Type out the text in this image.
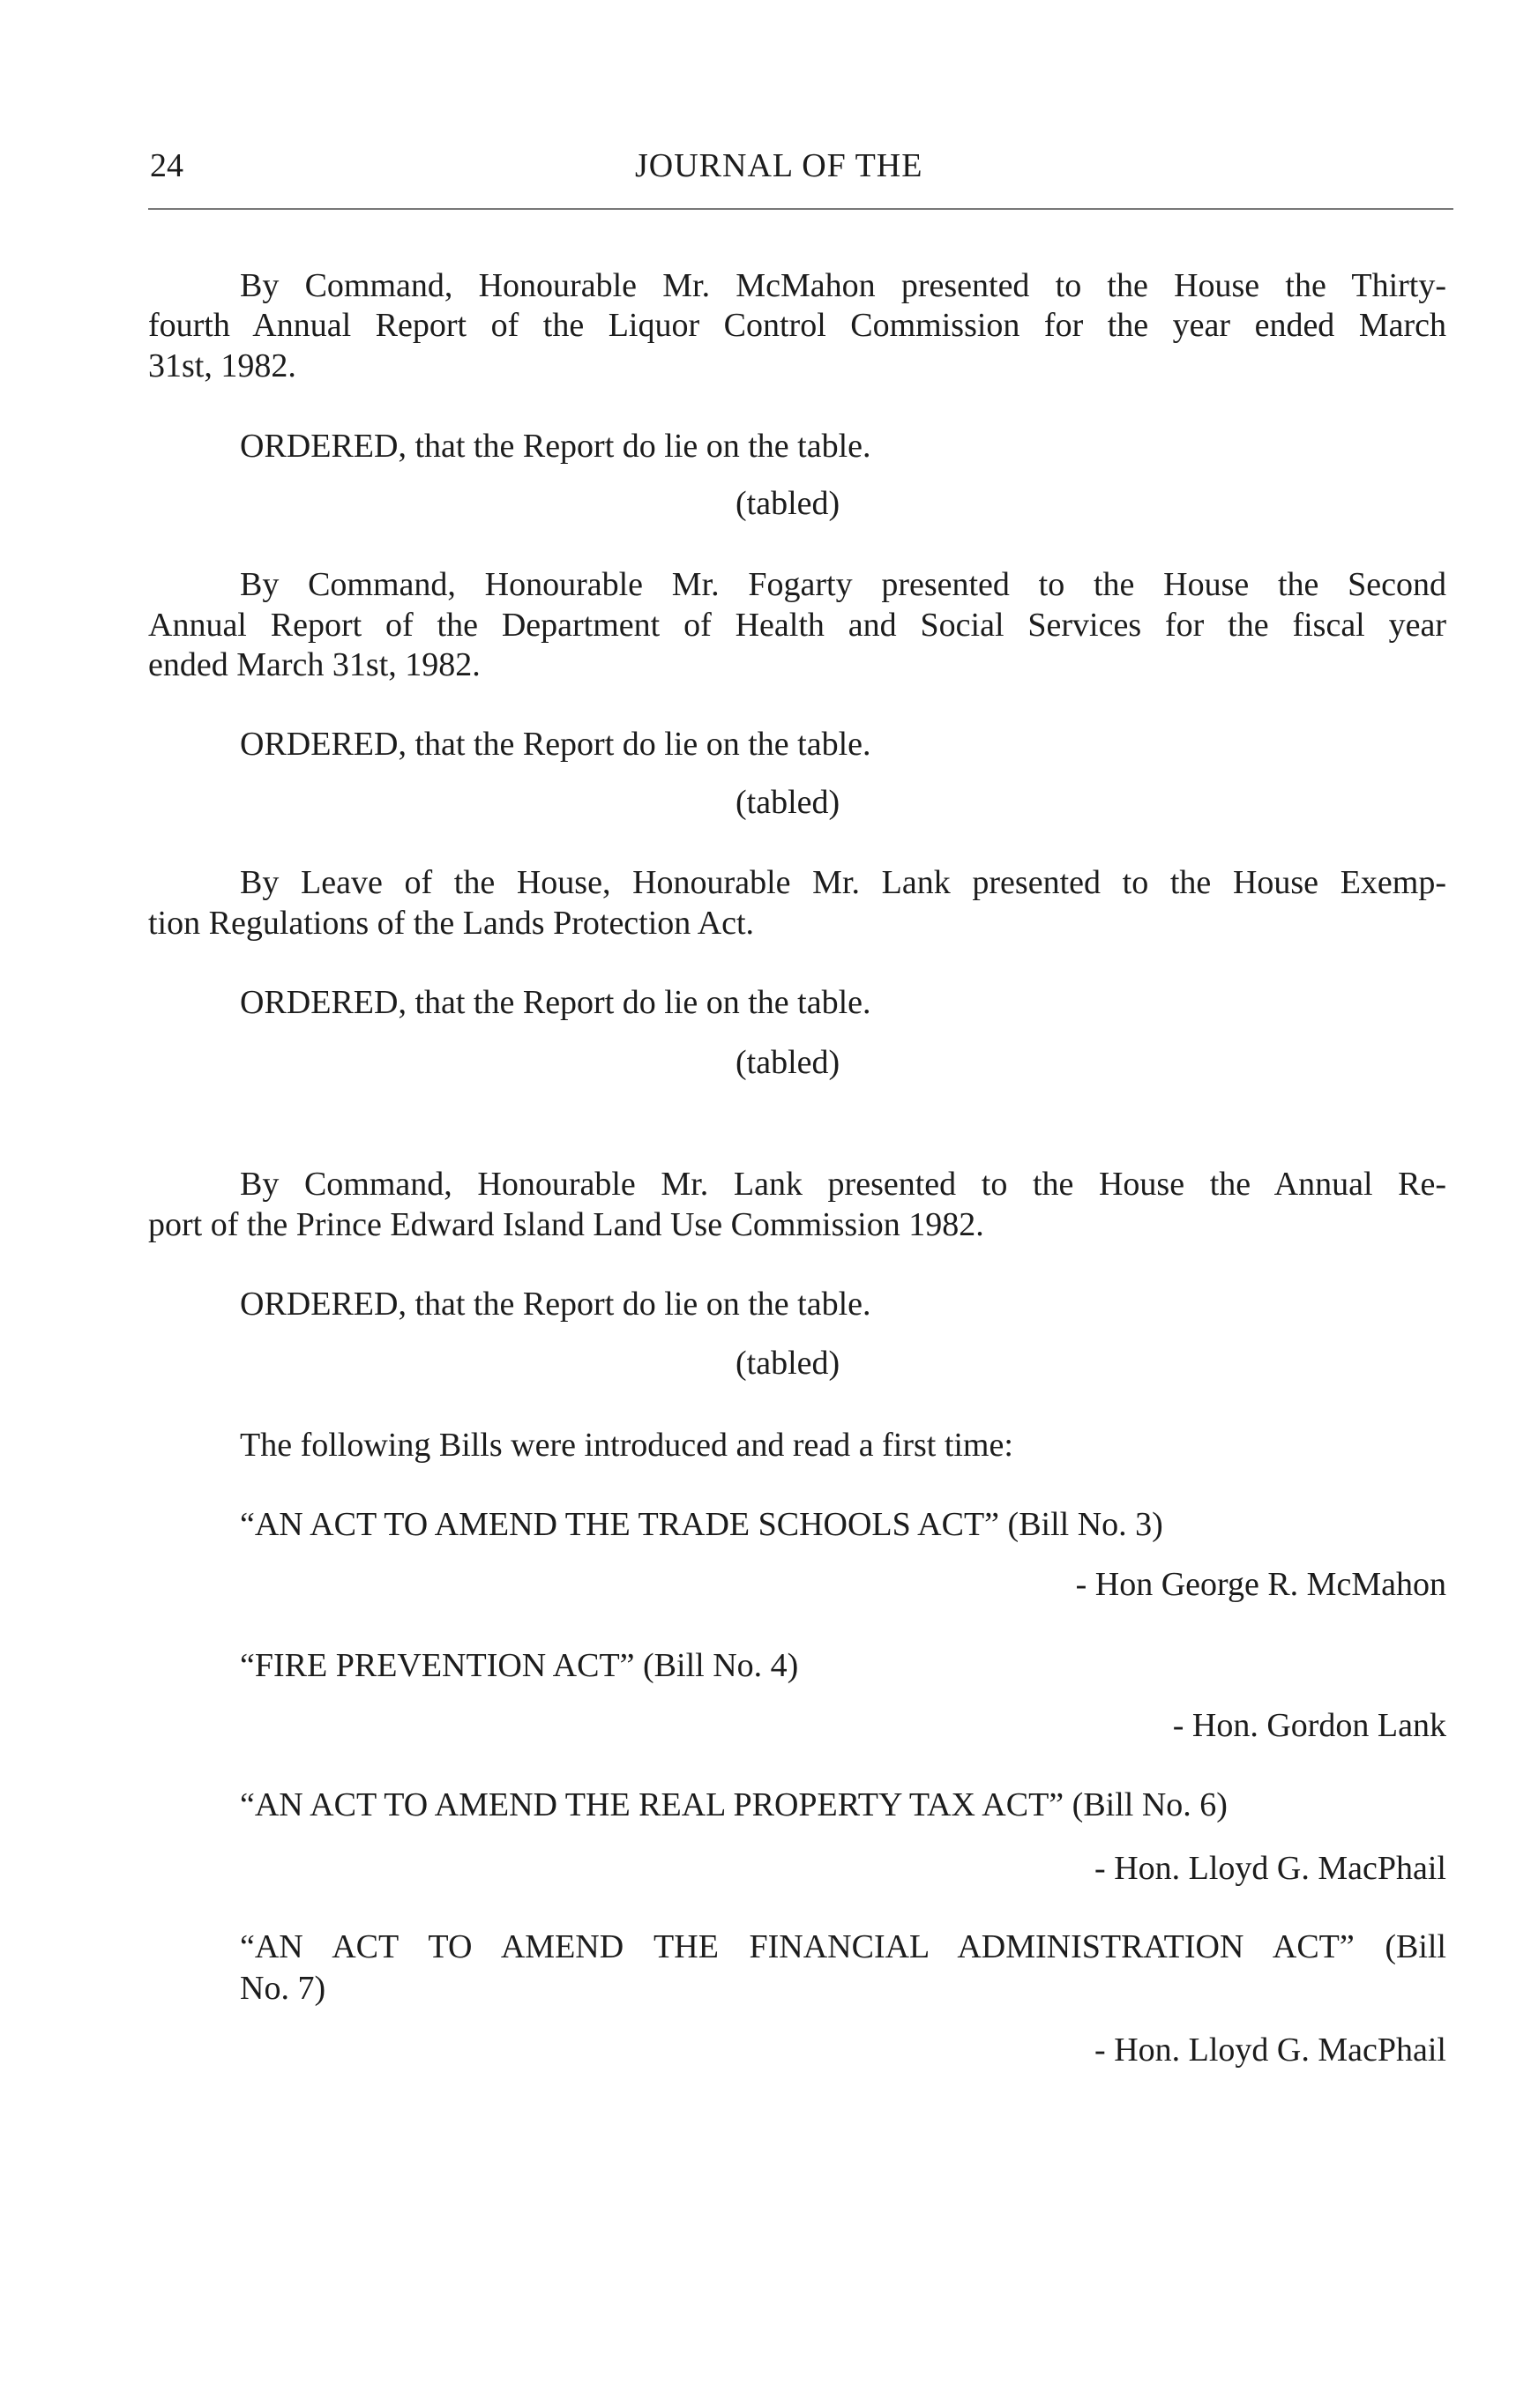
24	JOURNAL OF THE
By Command, Honourable Mr. McMahon presented to the House the Thirty-
fourth Annual Report of the Liquor Control Commission for the year ended March
31st, 1982.
ORDERED, that the Report do lie on the table.
(tabled)
By Command, Honourable Mr. Fogarty presented to the House the Second
Annual Report of the Department of Health and Social Services for the fiscal year
ended March 31st, 1982.
ORDERED, that the Report do lie on the table.
(tabled)
By Leave of the House, Honourable Mr. Lank presented to the House Exemp-
tion Regulations of the Lands Protection Act.
ORDERED, that the Report do lie on the table.
(tabled)
By Command, Honourable Mr. Lank presented to the House the Annual Re-
port of the Prince Edward Island Land Use Commission 1982.
ORDERED, that the Report do lie on the table.
(tabled)
The following Bills were introduced and read a first time:
“AN ACT TO AMEND THE TRADE SCHOOLS ACT” (Bill No. 3)
- Hon George R. McMahon
“FIRE PREVENTION ACT” (Bill No. 4)
- Hon. Gordon Lank
“AN ACT TO AMEND THE REAL PROPERTY TAX ACT” (Bill No. 6)
- Hon. Lloyd G. MacPhail
“AN ACT TO AMEND THE FINANCIAL ADMINISTRATION ACT” (Bill
No. 7)
- Hon. Lloyd G. MacPhail
